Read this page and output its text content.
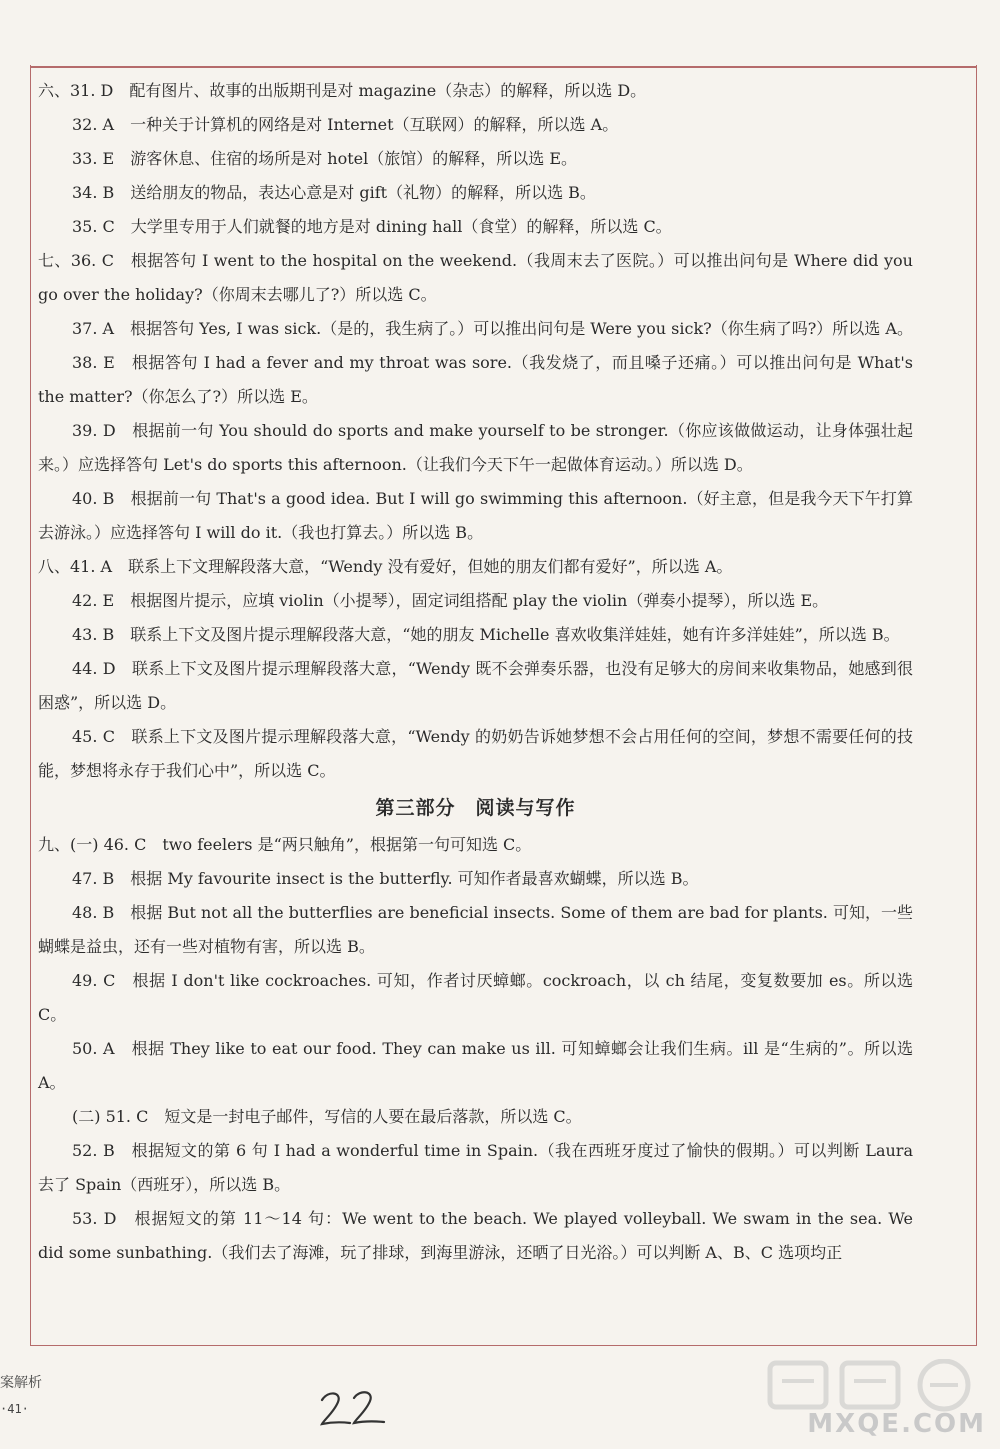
六、31. D　配有图片、故事的出版期刊是对 magazine（杂志）的解释，所以选 D。

32. A　一种关于计算机的网络是对 Internet（互联网）的解释，所以选 A。

33. E　游客休息、住宿的场所是对 hotel（旅馆）的解释，所以选 E。

34. B　送给朋友的物品，表达心意是对 gift（礼物）的解释，所以选 B。

35. C　大学里专用于人们就餐的地方是对 dining hall（食堂）的解释，所以选 C。

七、36. C　根据答句 I went to the hospital on the weekend.（我周末去了医院。）可以推出问句是 Where did you go over the holiday?（你周末去哪儿了?）所以选 C。

37. A　根据答句 Yes, I was sick.（是的，我生病了。）可以推出问句是 Were you sick?（你生病了吗?）所以选 A。

38. E　根据答句 I had a fever and my throat was sore.（我发烧了，而且嗓子还痛。）可以推出问句是 What's the matter?（你怎么了?）所以选 E。

39. D　根据前一句 You should do sports and make yourself to be stronger.（你应该做做运动，让身体强壮起来。）应选择答句 Let's do sports this afternoon.（让我们今天下午一起做体育运动。）所以选 D。

40. B　根据前一句 That's a good idea. But I will go swimming this afternoon.（好主意，但是我今天下午打算去游泳。）应选择答句 I will do it.（我也打算去。）所以选 B。

八、41. A　联系上下文理解段落大意，“Wendy 没有爱好，但她的朋友们都有爱好”，所以选 A。

42. E　根据图片提示，应填 violin（小提琴），固定词组搭配 play the violin（弹奏小提琴），所以选 E。

43. B　联系上下文及图片提示理解段落大意，“她的朋友 Michelle 喜欢收集洋娃娃，她有许多洋娃娃”，所以选 B。

44. D　联系上下文及图片提示理解段落大意，“Wendy 既不会弹奏乐器，也没有足够大的房间来收集物品，她感到很困惑”，所以选 D。

45. C　联系上下文及图片提示理解段落大意，“Wendy 的奶奶告诉她梦想不会占用任何的空间，梦想不需要任何的技能，梦想将永存于我们心中”，所以选 C。

第三部分　阅读与写作

九、(一) 46. C　two feelers 是“两只触角”，根据第一句可知选 C。

47. B　根据 My favourite insect is the butterfly. 可知作者最喜欢蝴蝶，所以选 B。

48. B　根据 But not all the butterflies are beneficial insects. Some of them are bad for plants. 可知，一些蝴蝶是益虫，还有一些对植物有害，所以选 B。

49. C　根据 I don't like cockroaches. 可知，作者讨厌蟑螂。cockroach，以 ch 结尾，变复数要加 es。所以选 C。

50. A　根据 They like to eat our food. They can make us ill. 可知蟑螂会让我们生病。ill 是“生病的”。所以选 A。

(二) 51. C　短文是一封电子邮件，写信的人要在最后落款，所以选 C。

52. B　根据短文的第 6 句 I had a wonderful time in Spain.（我在西班牙度过了愉快的假期。）可以判断 Laura 去了 Spain（西班牙），所以选 B。

53. D　根据短文的第 11～14 句：We went to the beach. We played volleyball. We swam in the sea. We did some sunbathing.（我们去了海滩，玩了排球，到海里游泳，还晒了日光浴。）可以判断 A、B、C 选项均正

案解析
·41·	MXQE.COM
